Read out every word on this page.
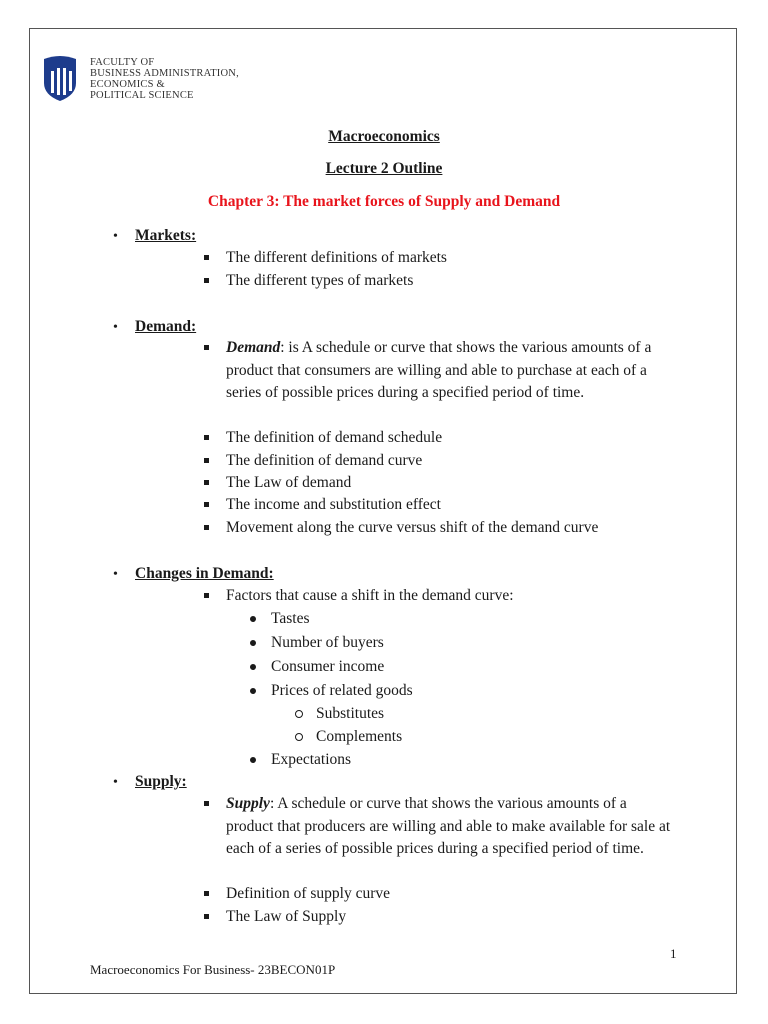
FACULTY OF
BUSINESS ADMINISTRATION,
ECONOMICS &
POLITICAL SCIENCE
Macroeconomics
Lecture 2 Outline
Chapter 3: The market forces of Supply and Demand
• Markets:
The different definitions of markets
The different types of markets
• Demand:
Demand: is A schedule or curve that shows the various amounts of a product that consumers are willing and able to purchase at each of a series of possible prices during a specified period of time.
The definition of demand schedule
The definition of demand curve
The Law of demand
The income and substitution effect
Movement along the curve versus shift of the demand curve
• Changes in Demand:
Factors that cause a shift in the demand curve:
Tastes
Number of buyers
Consumer income
Prices of related goods
Substitutes
Complements
Expectations
• Supply:
Supply: A schedule or curve that shows the various amounts of a product that producers are willing and able to make available for sale at each of a series of possible prices during a specified period of time.
Definition of supply curve
The Law of Supply
1
Macroeconomics For Business- 23BECON01P
